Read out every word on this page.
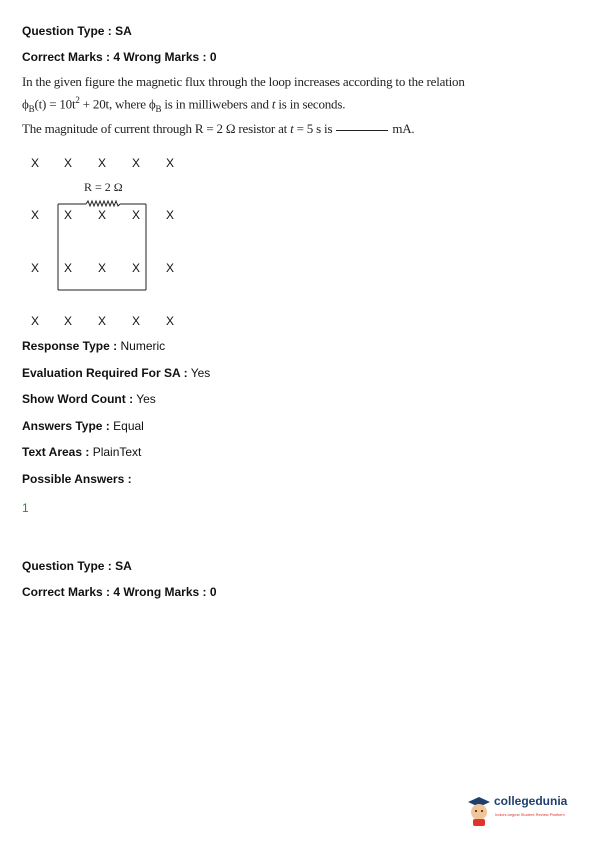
Question Type : SA
Correct Marks : 4 Wrong Marks : 0
In the given figure the magnetic flux through the loop increases according to the relation
$\phi_B(t) = 10t^2 + 20t$, where $\phi_B$ is in milliwebers and t is in seconds.
The magnitude of current through R = 2 Ω resistor at t = 5 s is	mA.
R = 2 Ω
X X X X X
X X X X X
X X X X X
X X X X X
Response Type : Numeric
Evaluation Required For SA : Yes
Show Word Count : Yes
Answers Type : Equal
Text Areas : PlainText
Possible Answers :
1
Question Type : SA
Correct Marks : 4 Wrong Marks : 0
collegedunia
India's largest Student Review Platform
